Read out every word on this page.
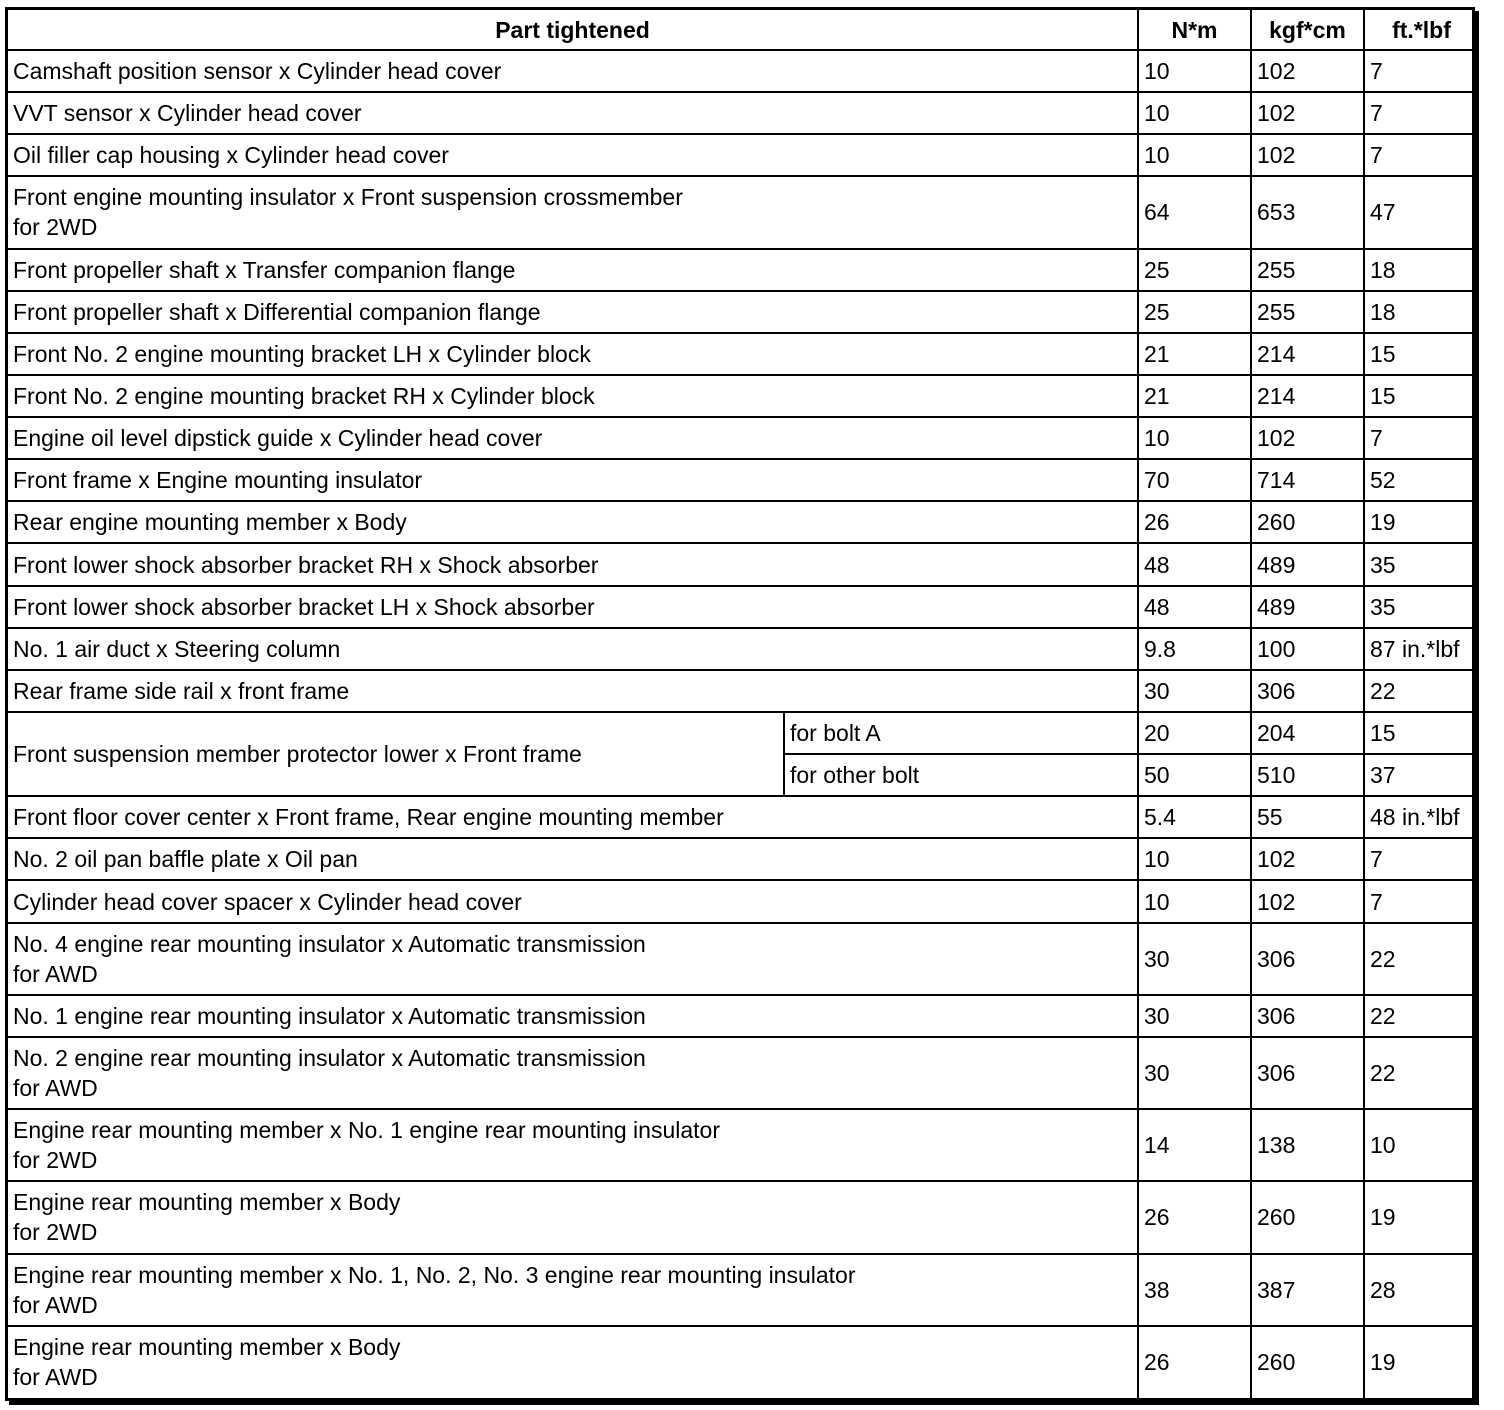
Part tightened		N*m	kgf*cm	ft.*lbf

Camshaft position sensor x Cylinder head cover		10	102	7

VVT sensor x Cylinder head cover		10	102	7

Oil filler cap housing x Cylinder head cover		10	102	7

Front engine mounting insulator x Front suspension crossmember
for 2WD		64	653	47

Front propeller shaft x Transfer companion flange		25	255	18

Front propeller shaft x Differential companion flange		25	255	18

Front No. 2 engine mounting bracket LH x Cylinder block		21	214	15

Front No. 2 engine mounting bracket RH x Cylinder block		21	214	15

Engine oil level dipstick guide x Cylinder head cover		10	102	7

Front frame x Engine mounting insulator		70	714	52

Rear engine mounting member x Body		26	260	19

Front lower shock absorber bracket RH x Shock absorber		48	489	35

Front lower shock absorber bracket LH x Shock absorber		48	489	35

No. 1 air duct x Steering column		9.8	100	87 in.*lbf

Rear frame side rail x front frame		30	306	22
Front suspension member protector lower x Front frame	for bolt A	20	204	15
	for other bolt	50	510	37

Front floor cover center x Front frame, Rear engine mounting member		5.4	55	48 in.*lbf

No. 2 oil pan baffle plate x Oil pan		10	102	7

Cylinder head cover spacer x Cylinder head cover		10	102	7

No. 4 engine rear mounting insulator x Automatic transmission
for AWD		30	306	22

No. 1 engine rear mounting insulator x Automatic transmission		30	306	22

No. 2 engine rear mounting insulator x Automatic transmission
for AWD		30	306	22

Engine rear mounting member x No. 1 engine rear mounting insulator
for 2WD		14	138	10

Engine rear mounting member x Body
for 2WD		26	260	19

Engine rear mounting member x No. 1, No. 2, No. 3 engine rear mounting insulator
for AWD		38	387	28

Engine rear mounting member x Body
for AWD		26	260	19
